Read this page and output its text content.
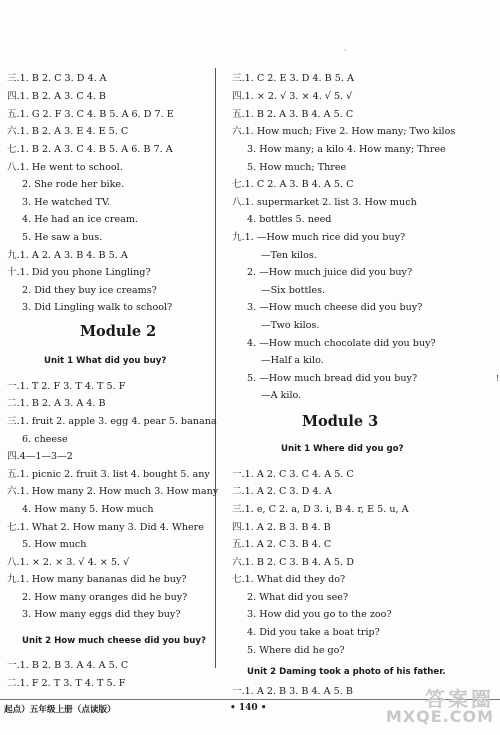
·
!
三.1. B 2. C 3. D 4. A
四.1. B 2. A 3. C 4. B
五.1. G 2. F 3. C 4. B 5. A 6. D 7. E
六.1. B 2. A 3. E 4. E 5. C
七.1. B 2. A 3. C 4. B 5. A 6. B 7. A
八.1. He went to school.
2. She rode her bike.
3. He watched TV.
4. He had an ice cream.
5. He saw a bus.
九.1. A 2. A 3. B 4. B 5. A
十.1. Did you phone Lingling?
2. Did they buy ice creams?
3. Did Lingling walk to school?
Module 2
Unit 1 What did you buy?
一.1. T 2. F 3. T 4. T 5. F
二.1. B 2. A 3. A 4. B
三.1. fruit 2. apple 3. egg 4. pear 5. banana
6. cheese
四.4—1—3—2
五.1. picnic 2. fruit 3. list 4. bought 5. any
六.1. How many 2. How much 3. How many
4. How many 5. How much
七.1. What 2. How many 3. Did 4. Where
5. How much
八.1. × 2. × 3. √ 4. × 5. √
九.1. How many bananas did he buy?
2. How many oranges did he buy?
3. How many eggs did they buy?
Unit 2 How much cheese did you buy?
一.1. B 2. B 3. A 4. A 5. C
二.1. F 2. T 3. T 4. T 5. F
三.1. C 2. E 3. D 4. B 5. A
四.1. × 2. √ 3. × 4. √ 5. √
五.1. B 2. A 3. B 4. A 5. C
六.1. How much; Five 2. How many; Two kilos
3. How many; a kilo 4. How many; Three
5. How much; Three
七.1. C 2. A 3. B 4. A 5. C
八.1. supermarket 2. list 3. How much
4. bottles 5. need
九.1. —How much rice did you buy?
—Ten kilos.
2. —How much juice did you buy?
—Six bottles.
3. —How much cheese did you buy?
—Two kilos.
4. —How much chocolate did you buy?
—Half a kilo.
5. —How much bread did you buy?
—A kilo.
Module 3
Unit 1 Where did you go?
一.1. A 2. C 3. C 4. A 5. C
二.1. A 2. C 3. D 4. A
三.1. e, C 2. a, D 3. i, B 4. r, E 5. u, A
四.1. A 2. B 3. B 4. B
五.1. A 2. C 3. B 4. C
六.1. B 2. C 3. B 4. A 5. D
七.1. What did they do?
2. What did you see?
3. How did you go to the zoo?
4. Did you take a boat trip?
5. Where did he go?
Unit 2 Daming took a photo of his father.
一.1. A 2. B 3. B 4. A 5. B
起点）五年级上册（点读版）	• 140 •	答案圈
MXQE.COM
